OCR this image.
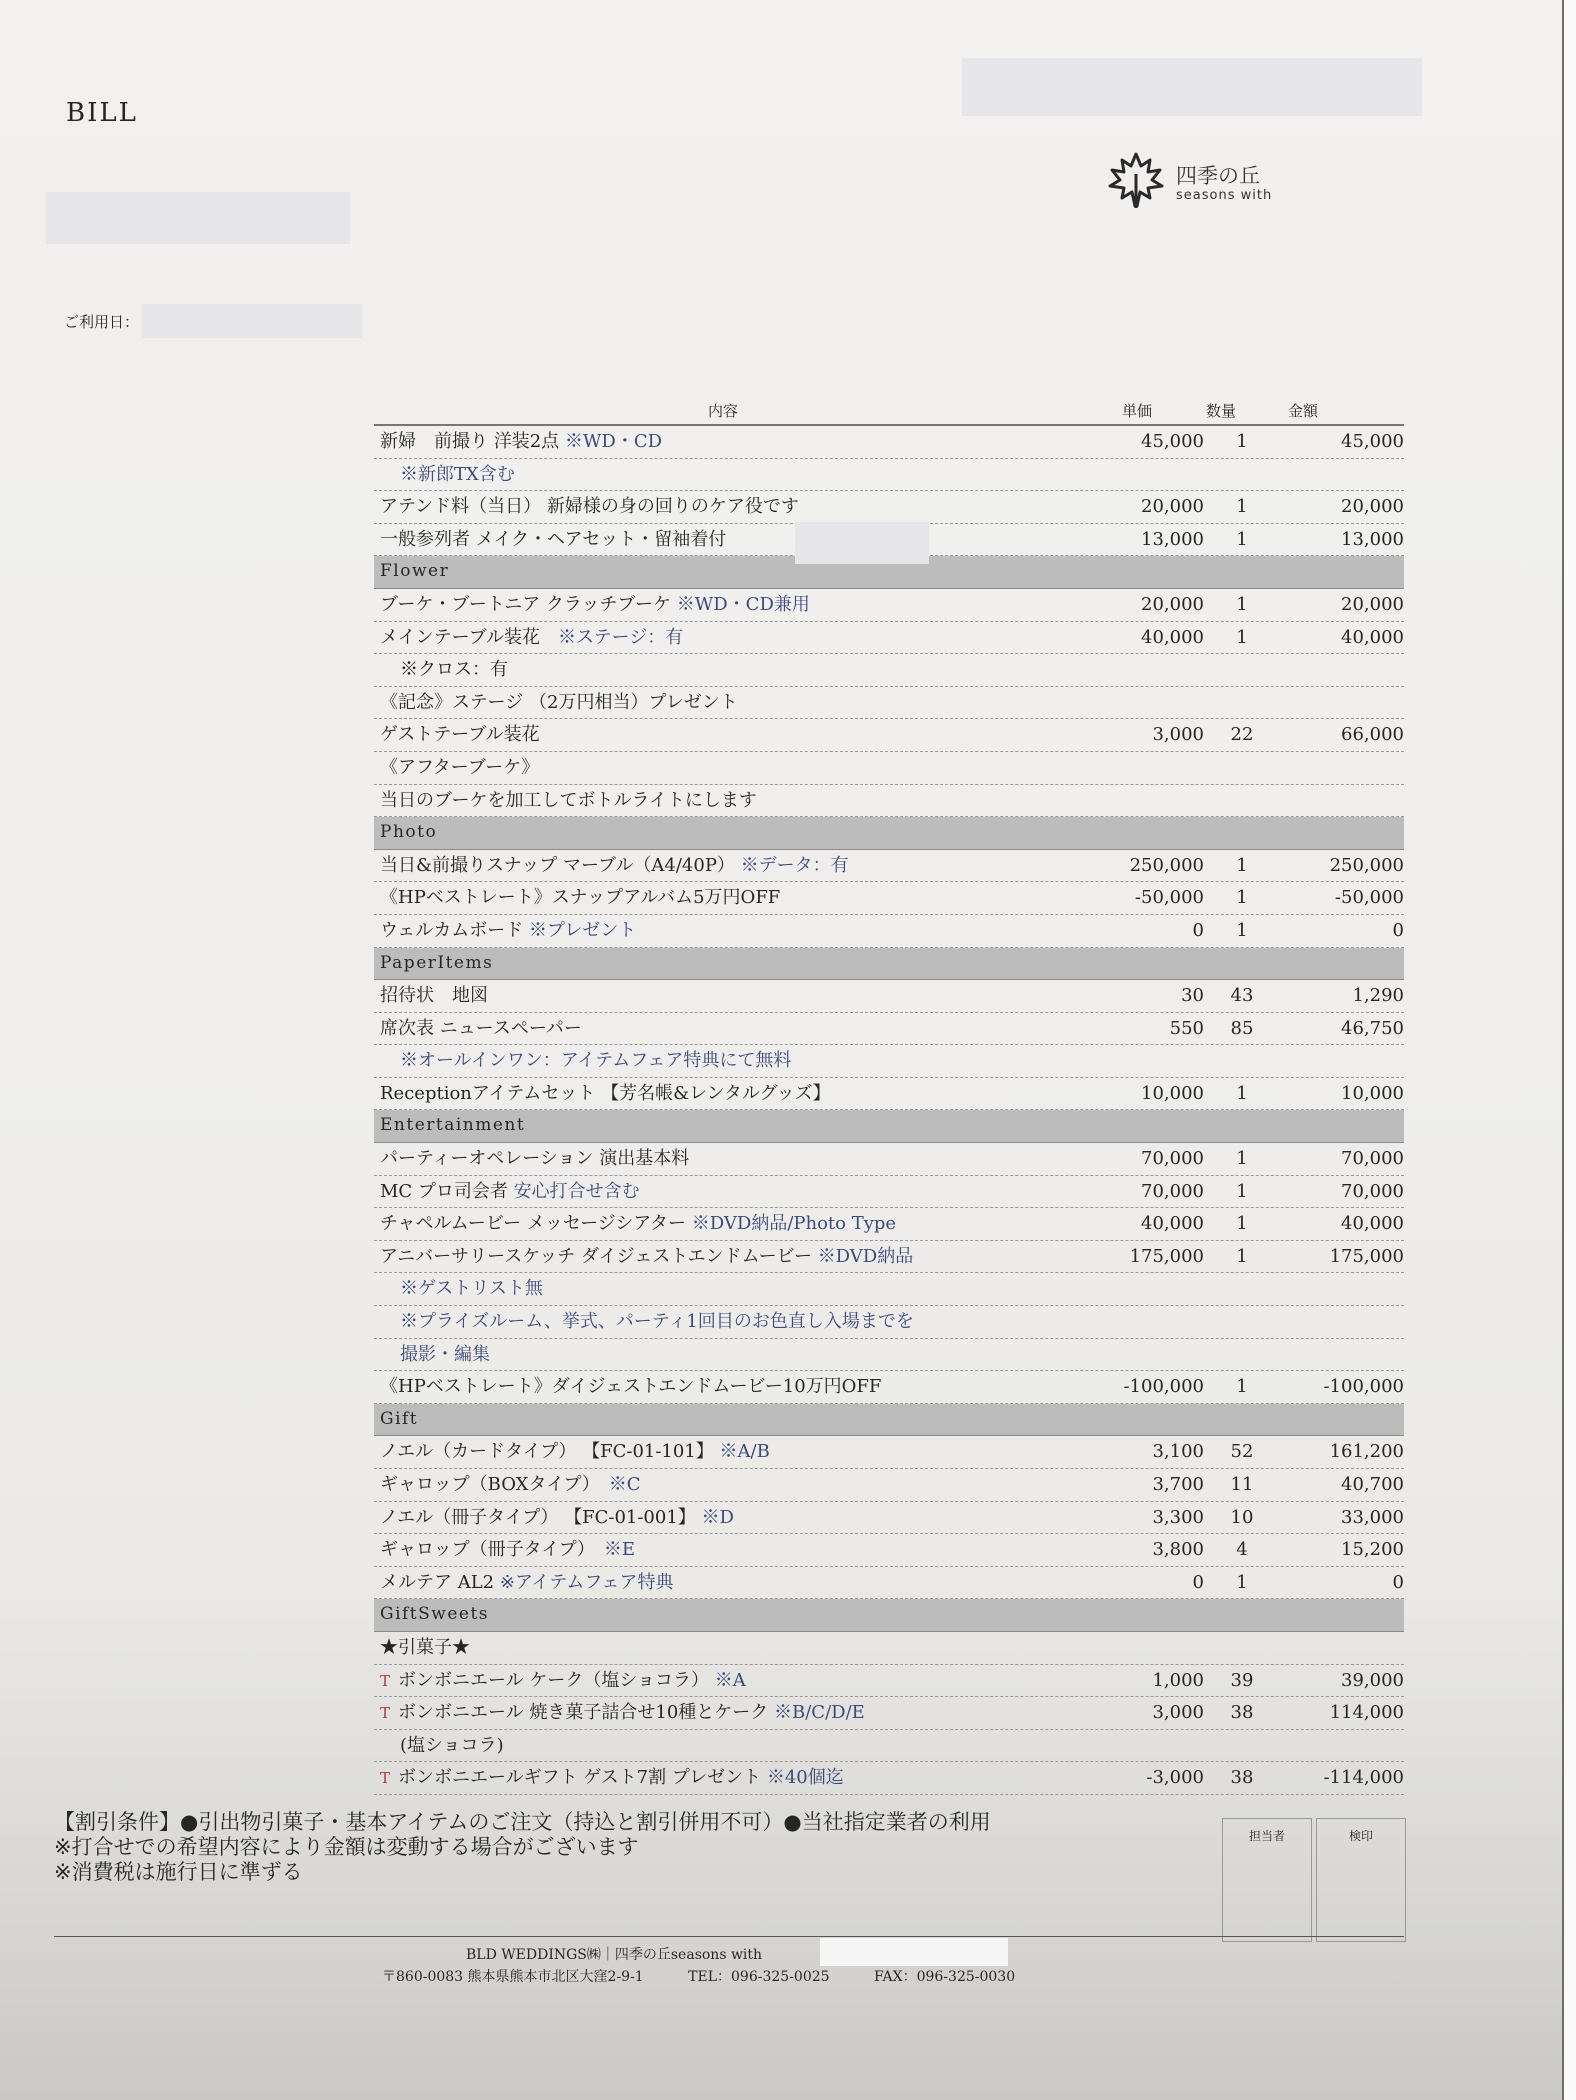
BILL
四季の丘
seasons with
ご利用日：
内容	単価	数量	金額
新婦　前撮り 洋装2点 ※WD・CD	45,000	1	45,000
※新郎TX含む
アテンド料（当日） 新婦様の身の回りのケア役です	20,000	1	20,000
一般参列者 メイク・ヘアセット・留袖着付	13,000	1	13,000
Flower
ブーケ・ブートニア クラッチブーケ ※WD・CD兼用	20,000	1	20,000
メインテーブル装花　※ステージ：有	40,000	1	40,000
※クロス：有
《記念》ステージ （2万円相当）プレゼント
ゲストテーブル装花	3,000	22	66,000
《アフターブーケ》
当日のブーケを加工してボトルライトにします
Photo
当日&前撮りスナップ マーブル（A4/40P） ※データ：有	250,000	1	250,000
《HPベストレート》スナップアルバム5万円OFF	-50,000	1	-50,000
ウェルカムボード ※プレゼント	0	1	0
PaperItems
招待状　地図	30	43	1,290
席次表 ニュースペーパー	550	85	46,750
※オールインワン：アイテムフェア特典にて無料
Receptionアイテムセット 【芳名帳&レンタルグッズ】	10,000	1	10,000
Entertainment
パーティーオペレーション 演出基本料	70,000	1	70,000
MC プロ司会者 安心打合せ含む	70,000	1	70,000
チャペルムービー メッセージシアター ※DVD納品/Photo Type	40,000	1	40,000
アニバーサリースケッチ ダイジェストエンドムービー ※DVD納品	175,000	1	175,000
※ゲストリスト無
※プライズルーム、挙式、パーティ1回目のお色直し入場までを
撮影・編集
《HPベストレート》ダイジェストエンドムービー10万円OFF	-100,000	1	-100,000
Gift
ノエル（カードタイプ） 【FC-01-101】 ※A/B	3,100	52	161,200
ギャロップ（BOXタイプ）　※C	3,700	11	40,700
ノエル（冊子タイプ） 【FC-01-001】 ※D	3,300	10	33,000
ギャロップ（冊子タイプ）　※E	3,800	4	15,200
メルテア AL2 ※アイテムフェア特典	0	1	0
GiftSweets
★引菓子★
T ボンボニエール ケーク（塩ショコラ） ※A	1,000	39	39,000
T ボンボニエール 焼き菓子詰合せ10種とケーク ※B/C/D/E	3,000	38	114,000
(塩ショコラ)
T ボンボニエールギフト ゲスト7割 プレゼント ※40個迄	-3,000	38	-114,000
【割引条件】●引出物引菓子・基本アイテムのご注文（持込と割引併用不可）●当社指定業者の利用
※打合せでの希望内容により金額は変動する場合がございます
※消費税は施行日に準ずる
担当者	検印
BLD WEDDINGS㈱｜四季の丘seasons with
〒860-0083 熊本県熊本市北区大窪2-9-1	TEL：096-325-0025	FAX：096-325-0030
